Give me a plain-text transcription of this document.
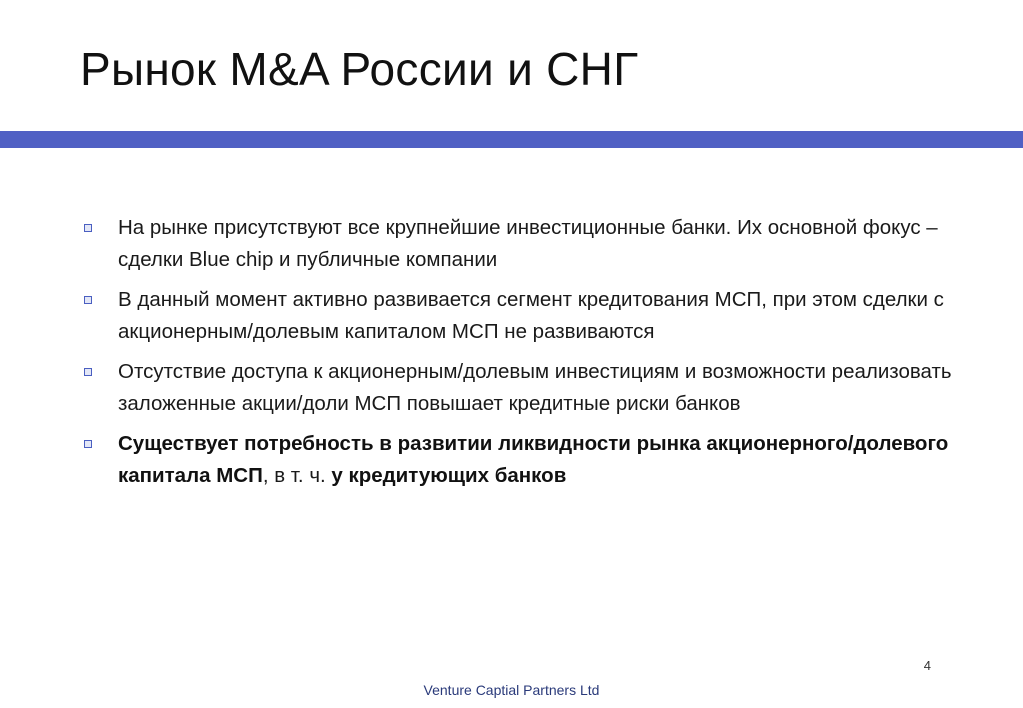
Рынок M&A России и СНГ
На рынке присутствуют все крупнейшие инвестиционные банки. Их основной фокус – сделки Blue chip и публичные компании
В данный момент активно развивается сегмент кредитования МСП, при этом сделки с акционерным/долевым капиталом МСП не развиваются
Отсутствие доступа к акционерным/долевым инвестициям и возможности реализовать заложенные акции/доли МСП повышает кредитные риски банков
Существует потребность в развитии ликвидности рынка акционерного/долевого капитала МСП, в т. ч. у кредитующих банков
4
Venture Captial Partners Ltd
